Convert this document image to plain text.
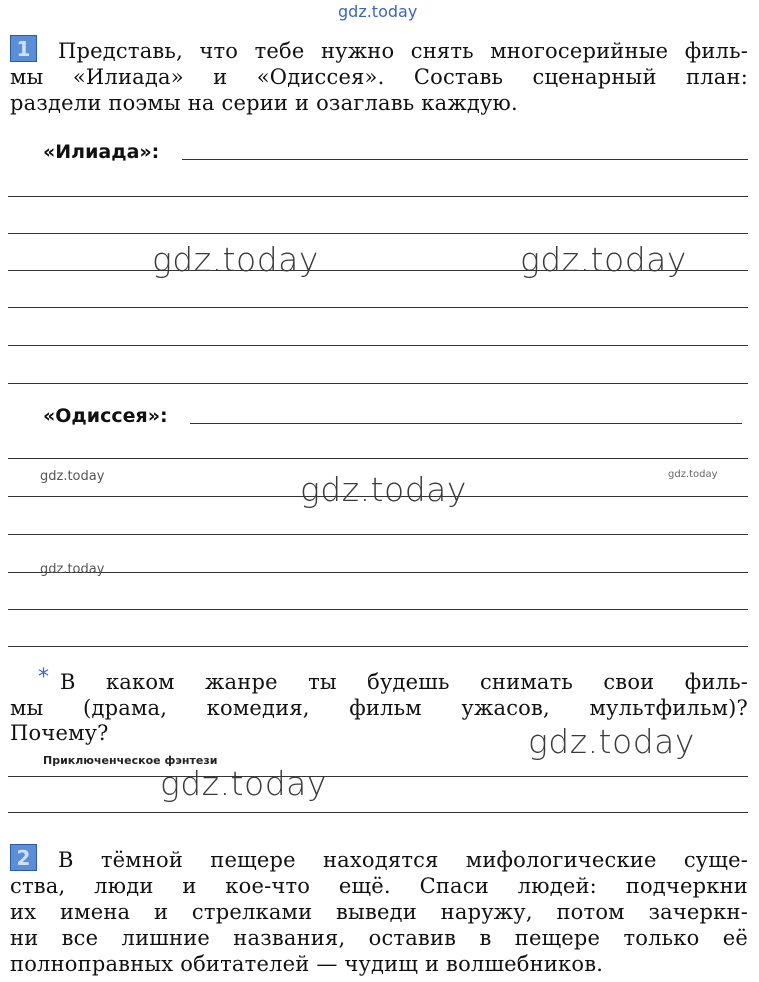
gdz.today
1	Представь, что тебе нужно снять многосерийные филь-
мы «Илиада» и «Одиссея». Составь сценарный план:
раздели поэмы на серии и озаглавь каждую.
«Илиада»:
gdz.today	gdz.today
«Одиссея»:
gdz.today	gdz.today	gdz.today
gdz.today
* В каком жанре ты будешь снимать свои филь-
мы (драма, комедия, фильм ужасов, мультфильм)?
Почему?
Приключенческое фэнтези	gdz.today
gdz.today
2	В тёмной пещере находятся мифологические суще-
ства, люди и кое-что ещё. Спаси людей: подчеркни
их имена и стрелками выведи наружу, потом зачеркн-
ни все лишние названия, оставив в пещере только её
полноправных обитателей — чудищ и волшебников.
